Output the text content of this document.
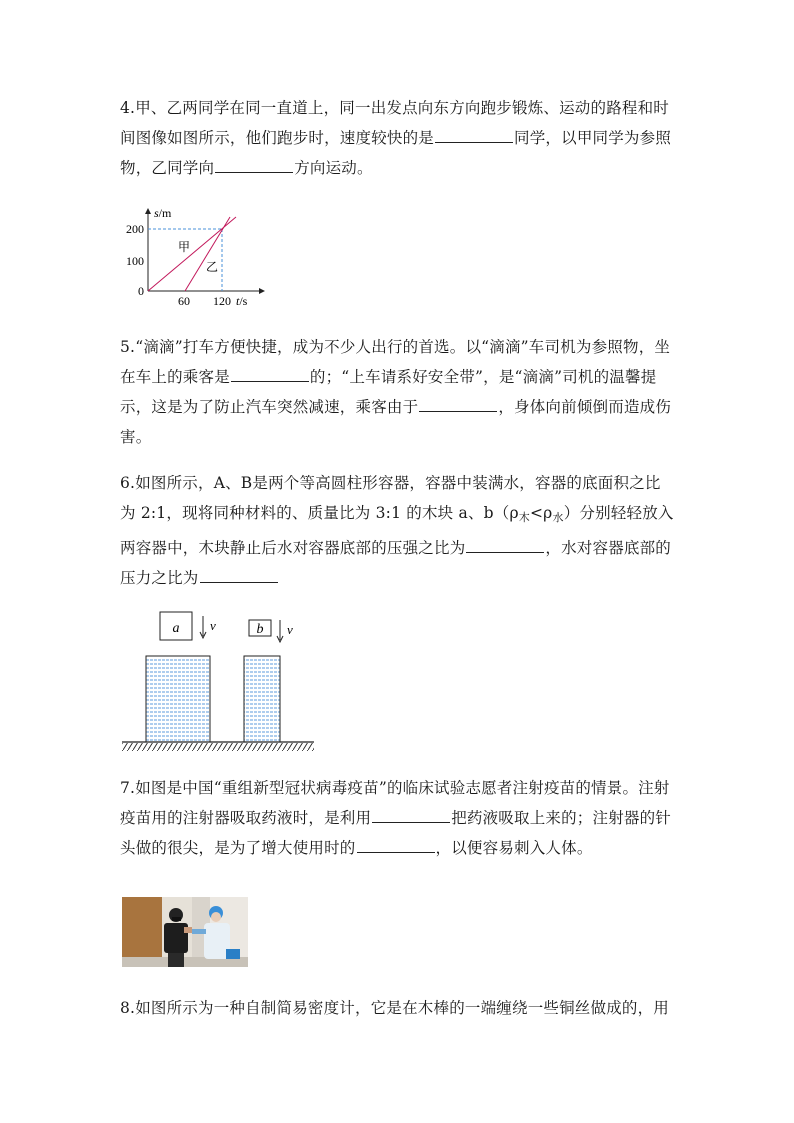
4.甲、乙两同学在同一直道上，同一出发点向东方向跑步锻炼、运动的路程和时间图像如图所示，他们跑步时，速度较快的是	同学，以甲同学为参照物，乙同学向	方向运动。
s/m
200
100
0
60 120 t/s
甲
乙
5.“滴滴”打车方便快捷，成为不少人出行的首选。以“滴滴”车司机为参照物，坐在车上的乘客是	的；“上车请系好安全带”，是“滴滴”司机的温馨提示，这是为了防止汽车突然减速，乘客由于	，身体向前倾倒而造成伤害。
6.如图所示，A、B是两个等高圆柱形容器，容器中装满水，容器的底面积之比为 2:1，现将同种材料的、质量比为 3:1 的木块 a、$b(\rho_木<\rho_水)$分别轻轻放入两容器中，木块静止后水对容器底部的压强之比为	，水对容器底部的压力之比为
a v	b v
7.如图是中国“重组新型冠状病毒疫苗”的临床试验志愿者注射疫苗的情景。注射疫苗用的注射器吸取药液时，是利用	把药液吸取上来的；注射器的针头做的很尖，是为了增大使用时的	，以便容易刺入人体。
8.如图所示为一种自制简易密度计，它是在木棒的一端缠绕一些铜丝做成的，用
